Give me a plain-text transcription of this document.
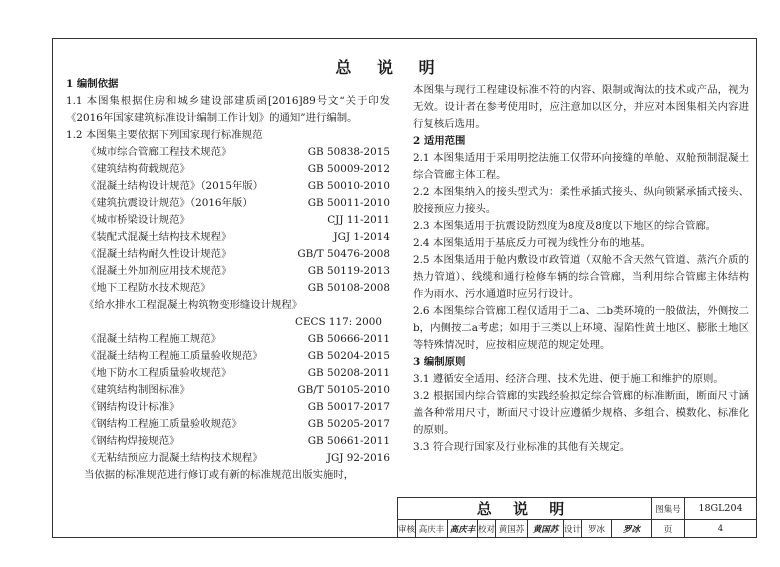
总 说 明
1 编制依据
1.1 本图集根据住房和城乡建设部建质函[2016]89号文“关于印发《2016年国家建筑标准设计编制工作计划》的通知”进行编制。
1.2 本图集主要依据下列国家现行标准规范
《城市综合管廊工程技术规范》	GB 50838-2015
《建筑结构荷载规范》	GB 50009-2012
《混凝土结构设计规范》（2015年版）	GB 50010-2010
《建筑抗震设计规范》（2016年版）	GB 50011-2010
《城市桥梁设计规范》	CJJ 11-2011
《装配式混凝土结构技术规程》	JGJ 1-2014
《混凝土结构耐久性设计规范》	GB/T 50476-2008
《混凝土外加剂应用技术规范》	GB 50119-2013
《地下工程防水技术规范》	GB 50108-2008
《给水排水工程混凝土构筑物变形缝设计规程》
CECS 117: 2000
《混凝土结构工程施工规范》	GB 50666-2011
《混凝土结构工程施工质量验收规范》	GB 50204-2015
《地下防水工程质量验收规范》	GB 50208-2011
《建筑结构制图标准》	GB/T 50105-2010
《钢结构设计标准》	GB 50017-2017
《钢结构工程施工质量验收规范》	GB 50205-2017
《钢结构焊接规范》	GB 50661-2011
《无粘结预应力混凝土结构技术规程》	JGJ 92-2016
当依据的标准规范进行修订或有新的标准规范出版实施时，
本图集与现行工程建设标准不符的内容、限制或淘汰的技术或产品，视为无效。设计者在参考使用时，应注意加以区分，并应对本图集相关内容进行复核后选用。
2 适用范围
2.1 本图集适用于采用明挖法施工仅带环向接缝的单舱、双舱预制混凝土综合管廊主体工程。
2.2 本图集纳入的接头型式为：柔性承插式接头、纵向锁紧承插式接头、胶接预应力接头。
2.3 本图集适用于抗震设防烈度为8度及8度以下地区的综合管廊。
2.4 本图集适用于基底反力可视为线性分布的地基。
2.5 本图集适用于舱内敷设市政管道（双舱不含天然气管道、蒸汽介质的热力管道）、线缆和通行检修车辆的综合管廊，当利用综合管廊主体结构作为雨水、污水通道时应另行设计。
2.6 本图集综合管廊工程仅适用于二a、二b类环境的一般做法，外侧按二b，内侧按二a考虑；如用于三类以上环境、湿陷性黄土地区、膨胀土地区等特殊情况时，应按相应规范的规定处理。
3 编制原则
3.1 遵循安全适用、经济合理、技术先进、便于施工和维护的原则。
3.2 根据国内综合管廊的实践经验拟定综合管廊的标准断面，断面尺寸涵盖各种常用尺寸，断面尺寸设计应遵循少规格、多组合、模数化、标准化的原则。
3.3 符合现行国家及行业标准的其他有关规定。
总 说 明	图集号	18GL204
审核 高庆丰 高庆丰 校对 黄国苏 黄国苏 设计 罗冰	罗冰	页	4
